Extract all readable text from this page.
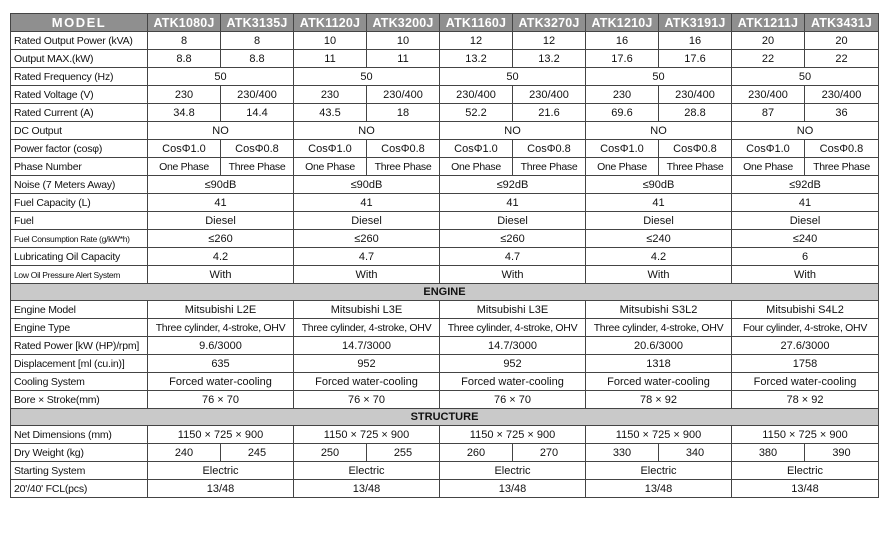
MODEL	ATK1080J	ATK3135J	ATK1120J	ATK3200J	ATK1160J	ATK3270J	ATK1210J	ATK3191J	ATK1211J	ATK3431J
Rated Output Power (kVA)	8	8	10	10	12	12	16	16	20	20
Output MAX.(kW)	8.8	8.8	11	11	13.2	13.2	17.6	17.6	22	22
Rated Frequency (Hz)	50		50		50		50		50	
Rated Voltage (V)	230	230/400	230	230/400	230/400	230/400	230	230/400	230/400	230/400
Rated Current (A)	34.8	14.4	43.5	18	52.2	21.6	69.6	28.8	87	36
DC Output	NO		NO		NO		NO		NO	
Power factor (cosφ)	CosΦ1.0	CosΦ0.8	CosΦ1.0	CosΦ0.8	CosΦ1.0	CosΦ0.8	CosΦ1.0	CosΦ0.8	CosΦ1.0	CosΦ0.8
Phase Number	One Phase	Three Phase	One Phase	Three Phase	One Phase	Three Phase	One Phase	Three Phase	One Phase	Three Phase
Noise (7 Meters Away)	≤90dB		≤90dB		≤92dB		≤90dB		≤92dB	
Fuel Capacity (L)	41		41		41		41		41	
Fuel	Diesel		Diesel		Diesel		Diesel		Diesel	
Fuel Consumption Rate (g/kW*h)	≤260		≤260		≤260		≤240		≤240	
Lubricating Oil Capacity	4.2		4.7		4.7		4.2		6	
Low Oil Pressure Alert System	With		With		With		With		With	
ENGINE										
Engine Model	Mitsubishi L2E		Mitsubishi L3E		Mitsubishi L3E		Mitsubishi S3L2		Mitsubishi S4L2	
Engine Type	Three cylinder, 4-stroke, OHV		Three cylinder, 4-stroke, OHV		Three cylinder, 4-stroke, OHV		Three cylinder, 4-stroke, OHV		Four cylinder, 4-stroke, OHV	
Rated Power [kW (HP)/rpm]	9.6/3000		14.7/3000		14.7/3000		20.6/3000		27.6/3000	
Displacement [ml (cu.in)]	635		952		952		1318		1758	
Cooling System	Forced water-cooling		Forced water-cooling		Forced water-cooling		Forced water-cooling		Forced water-cooling	
Bore × Stroke(mm)	76 × 70		76 × 70		76 × 70		78 × 92		78 × 92	
STRUCTURE										
Net Dimensions (mm)	1150 × 725 × 900		1150 × 725 × 900		1150 × 725 × 900		1150 × 725 × 900		1150 × 725 × 900	
Dry Weight (kg)	240	245	250	255	260	270	330	340	380	390
Starting System	Electric		Electric		Electric		Electric		Electric	
20'/40' FCL(pcs)	13/48		13/48		13/48		13/48		13/48	
